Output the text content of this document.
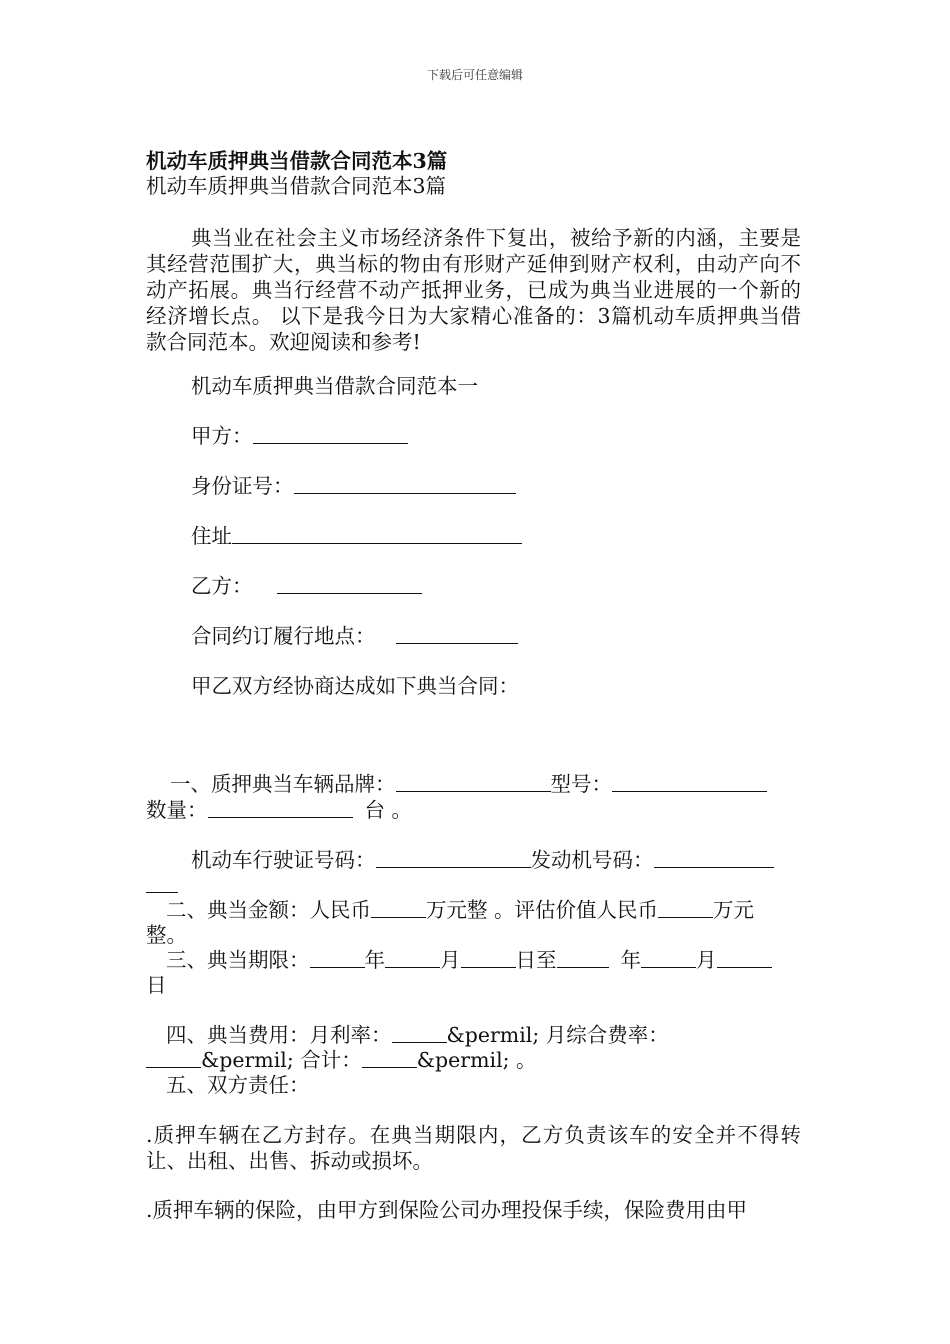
下载后可任意编辑
机动车质押典当借款合同范本3篇
机动车质押典当借款合同范本3篇
典当业在社会主义市场经济条件下复出，被给予新的内涵，主要是其经营范围扩大，典当标的物由有形财产延伸到财产权利，由动产向不动产拓展。典当行经营不动产抵押业务，已成为典当业进展的一个新的经济增长点。 以下是我今日为大家精心准备的：3篇机动车质押典当借款合同范本。欢迎阅读和参考!
机动车质押典当借款合同范本一
甲方：
身份证号：
住址
乙方：
合同约订履行地点：
甲乙双方经协商达成如下典当合同：
一、质押典当车辆品牌：	型号：
数量：	台 。
机动车行驶证号码：	发动机号码：
二、典当金额：人民币	万元整 。评估价值人民币	万元
整。
三、典当期限：	年	月	日至	年	月
日
四、典当费用：月利率：	&permil; 月综合费率：
&permil; 合计：	&permil; 。
五、双方责任：
.质押车辆在乙方封存。在典当期限内，乙方负责该车的安全并不得转让、出租、出售、拆动或损坏。
.质押车辆的保险，由甲方到保险公司办理投保手续，保险费用由甲
